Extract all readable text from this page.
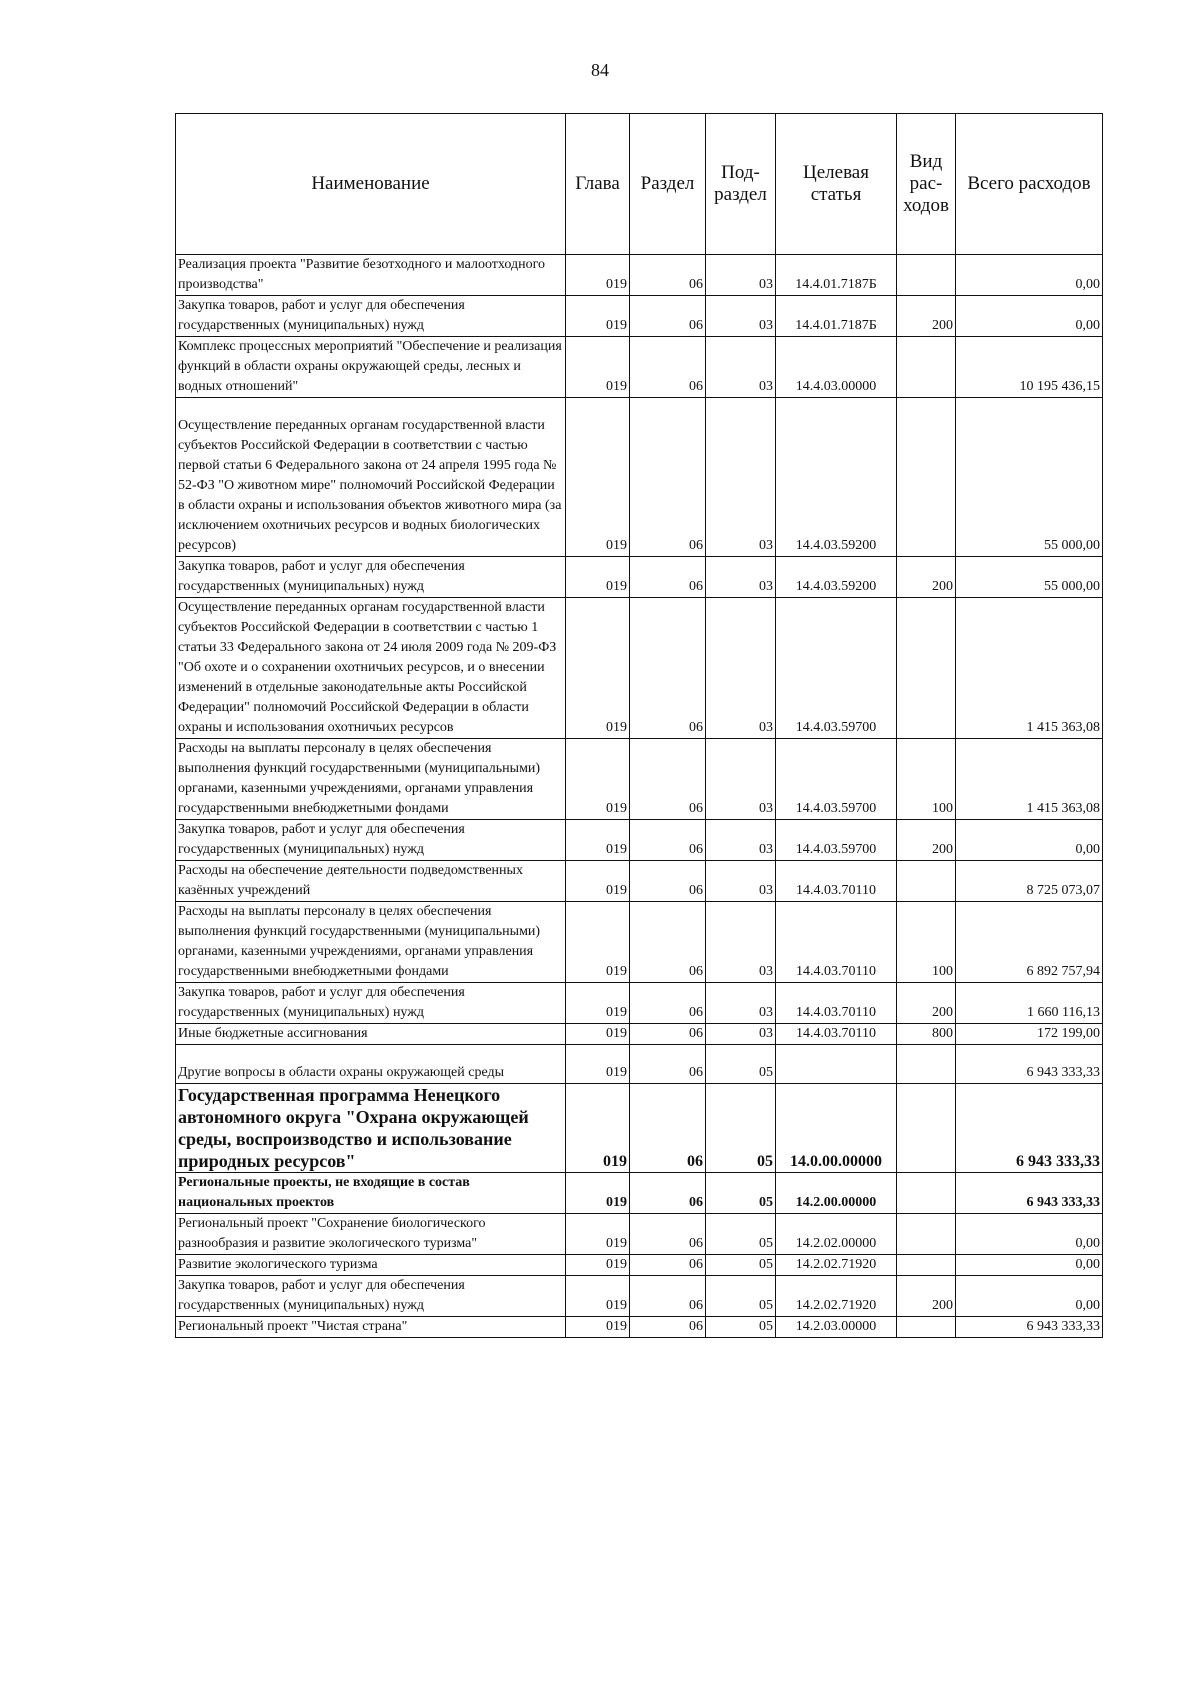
84
Наименование	Глава	Раздел	Под-раздел	Целевая статья	Вид рас-ходов	Всего расходов
Реализация проекта "Развитие безотходного и малоотходного производства"	019	06	03	14.4.01.7187Б		0,00
Закупка товаров, работ и услуг для обеспечения государственных (муниципальных) нужд	019	06	03	14.4.01.7187Б	200	0,00
Комплекс процессных мероприятий "Обеспечение и реализация функций в области охраны окружающей среды, лесных и водных отношений"	019	06	03	14.4.03.00000		10 195 436,15
Осуществление переданных органам государственной власти субъектов Российской Федерации в соответствии с частью первой статьи 6 Федерального закона от 24 апреля 1995 года № 52-ФЗ "О животном мире" полномочий Российской Федерации в области охраны и использования объектов животного мира (за исключением охотничьих ресурсов и водных биологических ресурсов)	019	06	03	14.4.03.59200		55 000,00
Закупка товаров, работ и услуг для обеспечения государственных (муниципальных) нужд	019	06	03	14.4.03.59200	200	55 000,00
Осуществление переданных органам государственной власти субъектов Российской Федерации в соответствии с частью 1 статьи 33 Федерального закона от 24 июля 2009 года № 209-ФЗ "Об охоте и о сохранении охотничьих ресурсов, и о внесении изменений в отдельные законодательные акты Российской Федерации" полномочий Российской Федерации в области охраны и использования охотничьих ресурсов	019	06	03	14.4.03.59700		1 415 363,08
Расходы на выплаты персоналу в целях обеспечения выполнения функций государственными (муниципальными) органами, казенными учреждениями, органами управления государственными внебюджетными фондами	019	06	03	14.4.03.59700	100	1 415 363,08
Закупка товаров, работ и услуг для обеспечения государственных (муниципальных) нужд	019	06	03	14.4.03.59700	200	0,00
Расходы на обеспечение деятельности подведомственных казённых учреждений	019	06	03	14.4.03.70110		8 725 073,07
Расходы на выплаты персоналу в целях обеспечения выполнения функций государственными (муниципальными) органами, казенными учреждениями, органами управления государственными внебюджетными фондами	019	06	03	14.4.03.70110	100	6 892 757,94
Закупка товаров, работ и услуг для обеспечения государственных (муниципальных) нужд	019	06	03	14.4.03.70110	200	1 660 116,13
Иные бюджетные ассигнования	019	06	03	14.4.03.70110	800	172 199,00
Другие вопросы в области охраны окружающей среды	019	06	05			6 943 333,33
Государственная программа Ненецкого автономного округа "Охрана окружающей среды, воспроизводство и использование природных ресурсов"	019	06	05	14.0.00.00000		6 943 333,33
Региональные проекты, не входящие в состав национальных проектов	019	06	05	14.2.00.00000		6 943 333,33
Региональный проект "Сохранение биологического разнообразия и развитие экологического туризма"	019	06	05	14.2.02.00000		0,00
Развитие экологического туризма	019	06	05	14.2.02.71920		0,00
Закупка товаров, работ и услуг для обеспечения государственных (муниципальных) нужд	019	06	05	14.2.02.71920	200	0,00
Региональный проект "Чистая страна"	019	06	05	14.2.03.00000		6 943 333,33
